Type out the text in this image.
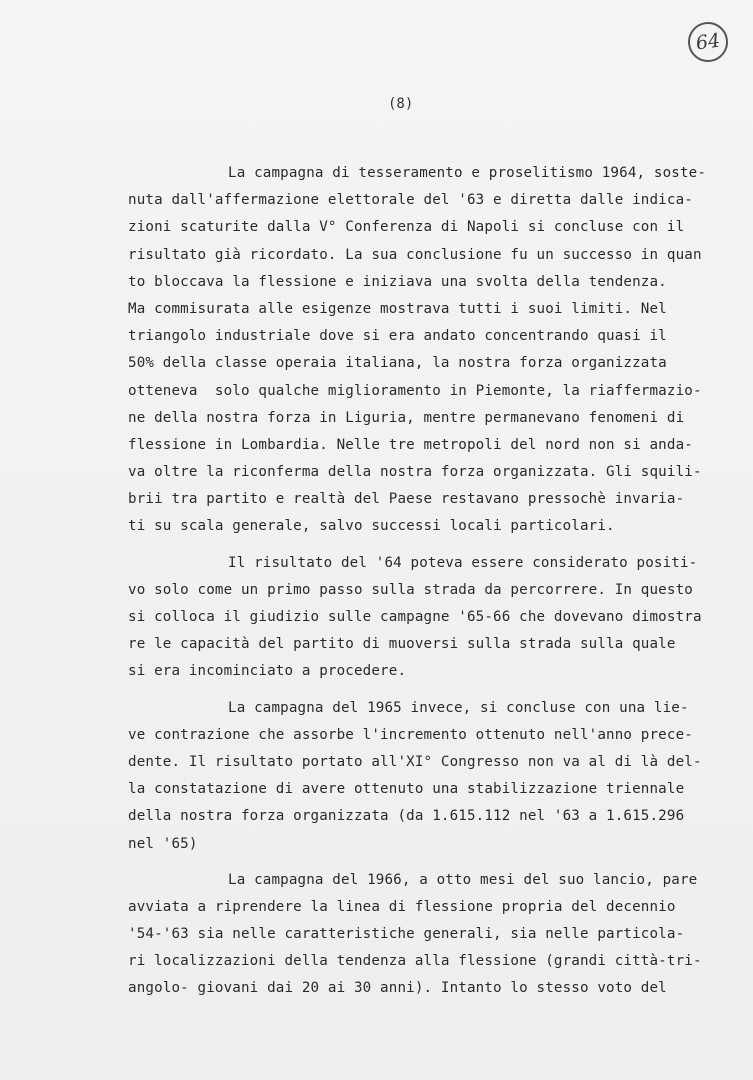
64
(8)
La campagna di tesseramento e proselitismo 1964, soste-
nuta dall'affermazione elettorale del '63 e diretta dalle indica-
zioni scaturite dalla V° Conferenza di Napoli si concluse con il
risultato già ricordato. La sua conclusione fu un successo in quan
to bloccava la flessione e iniziava una svolta della tendenza.
Ma commisurata alle esigenze mostrava tutti i suoi limiti. Nel
triangolo industriale dove si era andato concentrando quasi il
50% della classe operaia italiana, la nostra forza organizzata
otteneva  solo qualche miglioramento in Piemonte, la riaffermazio-
ne della nostra forza in Liguria, mentre permanevano fenomeni di
flessione in Lombardia. Nelle tre metropoli del nord non si anda-
va oltre la riconferma della nostra forza organizzata. Gli squili-
brii tra partito e realtà del Paese restavano pressochè invaria-
ti su scala generale, salvo successi locali particolari.
Il risultato del '64 poteva essere considerato positi-
vo solo come un primo passo sulla strada da percorrere. In questo
si colloca il giudizio sulle campagne '65-66 che dovevano dimostra
re le capacità del partito di muoversi sulla strada sulla quale
si era incominciato a procedere.
La campagna del 1965 invece, si concluse con una lie-
ve contrazione che assorbe l'incremento ottenuto nell'anno prece-
dente. Il risultato portato all'XI° Congresso non va al di là del-
la constatazione di avere ottenuto una stabilizzazione triennale
della nostra forza organizzata (da 1.615.112 nel '63 a 1.615.296
nel '65)
La campagna del 1966, a otto mesi del suo lancio, pare
avviata a riprendere la linea di flessione propria del decennio
'54-'63 sia nelle caratteristiche generali, sia nelle particola-
ri localizzazioni della tendenza alla flessione (grandi città-tri-
angolo- giovani dai 20 ai 30 anni). Intanto lo stesso voto del
